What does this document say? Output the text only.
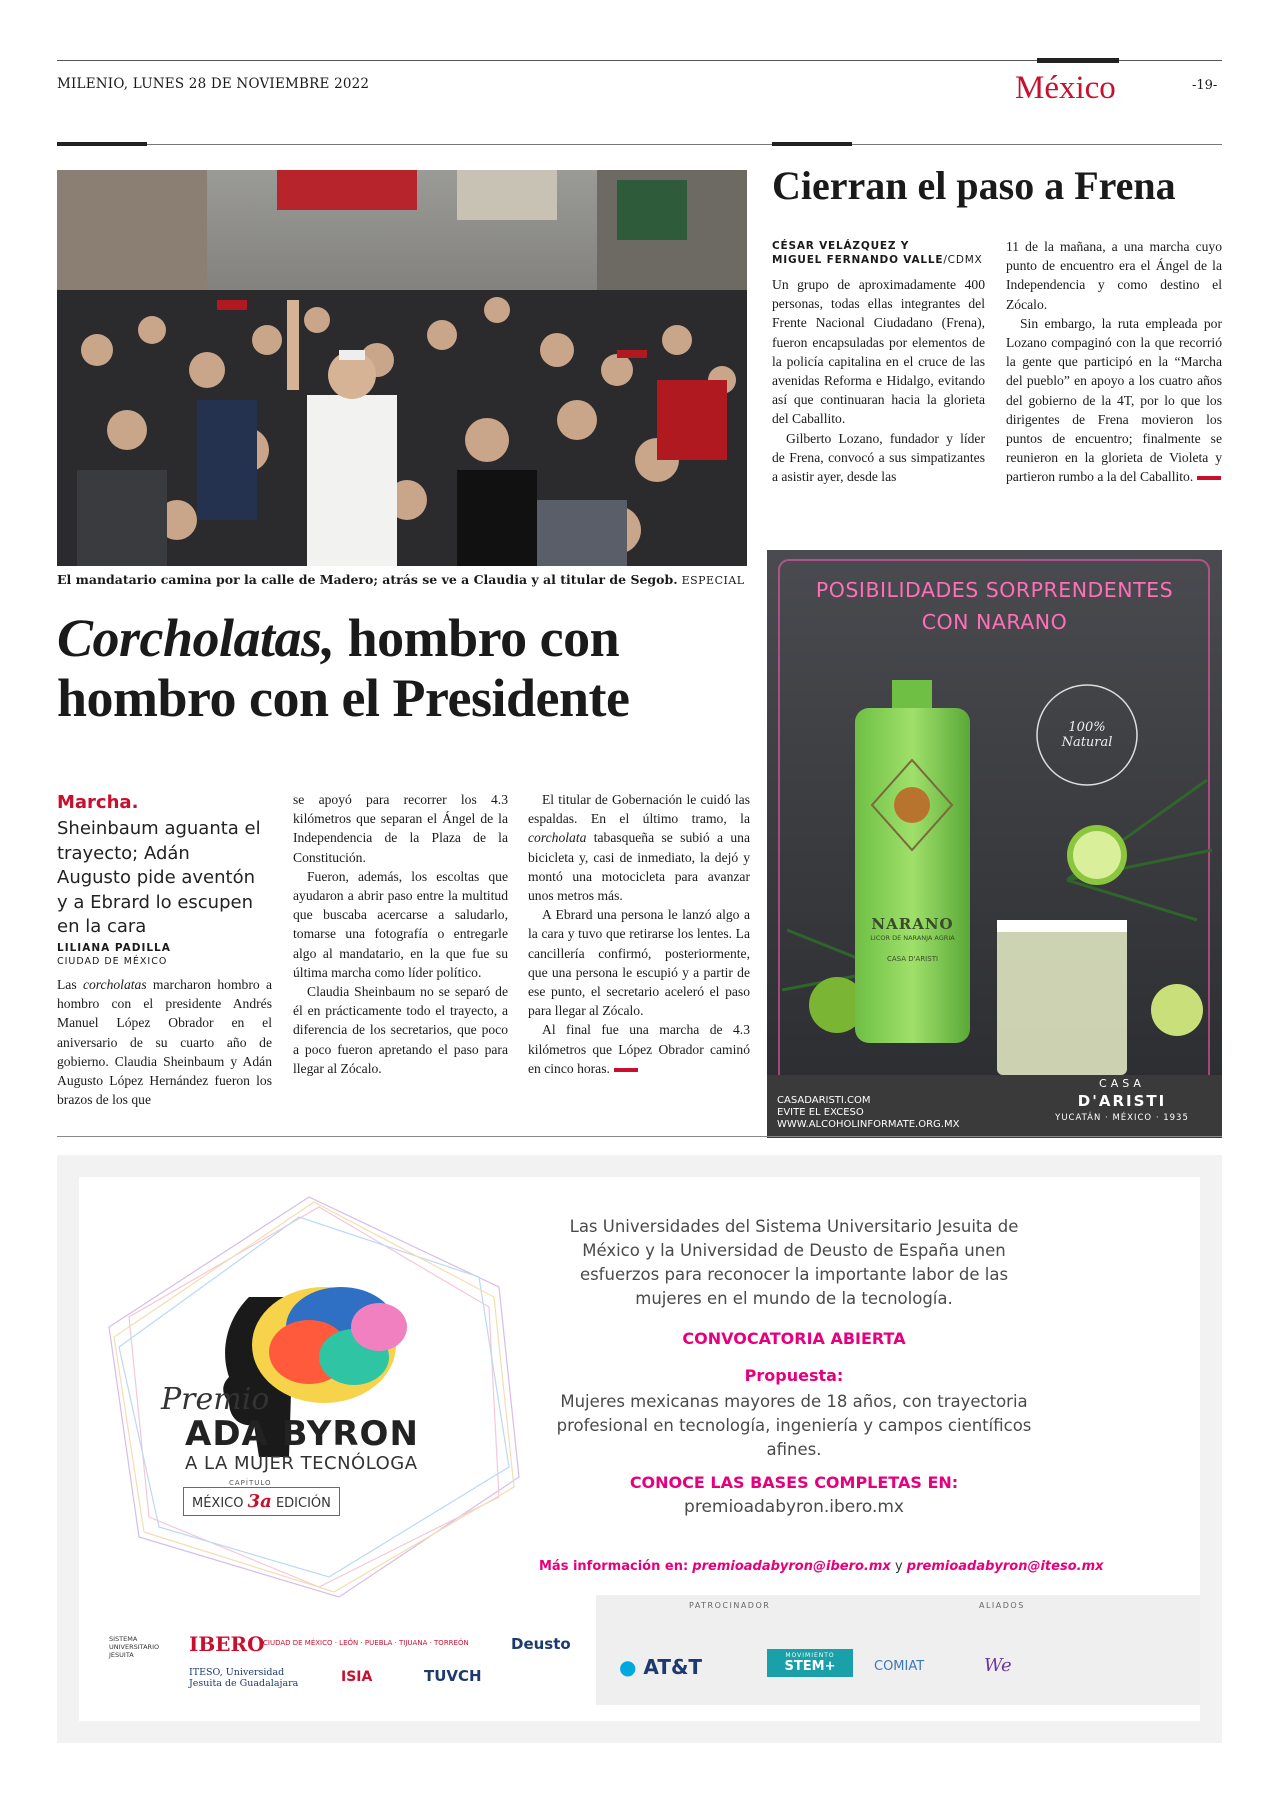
MILENIO, LUNES 28 DE NOVIEMBRE 2022	México	-19-
El mandatario camina por la calle de Madero; atrás se ve a Claudia y al titular de Segob. ESPECIAL
Corcholatas, hombro con hombro con el Presidente
Marcha.
Sheinbaum aguanta el trayecto; Adán Augusto pide aventón y a Ebrard lo escupen en la cara
LILIANA PADILLA
CIUDAD DE MÉXICO

Las corcholatas marcharon hombro a hombro con el presidente Andrés Manuel López Obrador en el aniversario de su cuarto año de gobierno. Claudia Sheinbaum y Adán Augusto López Hernández fueron los brazos de los que

se apoyó para recorrer los 4.3 kilómetros que separan el Ángel de la Independencia de la Plaza de la Constitución.

Fueron, además, los escoltas que ayudaron a abrir paso entre la multitud que buscaba acercarse a saludarlo, tomarse una fotografía o entregarle algo al mandatario, en la que fue su última marcha como líder político.

Claudia Sheinbaum no se separó de él en prácticamente todo el trayecto, a diferencia de los secretarios, que poco a poco fueron apretando el paso para llegar al Zócalo.

El titular de Gobernación le cuidó las espaldas. En el último tramo, la corcholata tabasqueña se subió a una bicicleta y, casi de inmediato, la dejó y montó una motocicleta para avanzar unos metros más.

A Ebrard una persona le lanzó algo a la cara y tuvo que retirarse los lentes. La cancillería confirmó, posteriormente, que una persona le escupió y a partir de ese punto, el secretario aceleró el paso para llegar al Zócalo.

Al final fue una marcha de 4.3 kilómetros que López Obrador caminó en cinco horas.

Cierran el paso a Frena
CÉSAR VELÁZQUEZ Y
MIGUEL FERNANDO VALLE/CDMX

Un grupo de aproximadamente 400 personas, todas ellas integrantes del Frente Nacional Ciudadano (Frena), fueron encapsuladas por elementos de la policía capitalina en el cruce de las avenidas Reforma e Hidalgo, evitando así que continuaran hacia la glorieta del Caballito.

Gilberto Lozano, fundador y líder de Frena, convocó a sus simpatizantes a asistir ayer, desde las

11 de la mañana, a una marcha cuyo punto de encuentro era el Ángel de la Independencia y como destino el Zócalo.

Sin embargo, la ruta empleada por Lozano compaginó con la que recorrió la gente que participó en la “Marcha del pueblo” en apoyo a los cuatro años del gobierno de la 4T, por lo que los dirigentes de Frena movieron los puntos de encuentro; finalmente se reunieron en la glorieta de Violeta y partieron rumbo a la del Caballito.

POSIBILIDADES SORPRENDENTES
CON NARANO
NARANO
LICOR DE NARANJA AGRIA
CASA D'ARISTI
100% Natural
CASADARISTI.COM
EVITE EL EXCESO
WWW.ALCOHOLINFORMATE.ORG.MX
CASA
D'ARISTI
YUCATÁN · MÉXICO · 1935
Premio
ADA BYRON
A LA MUJER TECNÓLOGA
CAPÍTULO
MÉXICO 3a EDICIÓN
Las Universidades del Sistema Universitario Jesuita de México y la Universidad de Deusto de España unen esfuerzos para reconocer la importante labor de las mujeres en el mundo de la tecnología.
CONVOCATORIA ABIERTA
Propuesta:
Mujeres mexicanas mayores de 18 años, con trayectoria profesional en tecnología, ingeniería y campos científicos afines.
CONOCE LAS BASES COMPLETAS EN:
premioadabyron.ibero.mx
Más información en: premioadabyron@ibero.mx y premioadabyron@iteso.mx
SISTEMA UNIVERSITARIO JESUITA	IBERO
CIUDAD DE MÉXICO · LEÓN · PUEBLA · TIJUANA · TORREÓN
ITESO, Universidad Jesuita de Guadalajara	ISIA	TUVCH
Deusto
PATROCINADOR	ALIADOS
● AT&T	MOVIMIENTO
STEM+	COMIAT	We
